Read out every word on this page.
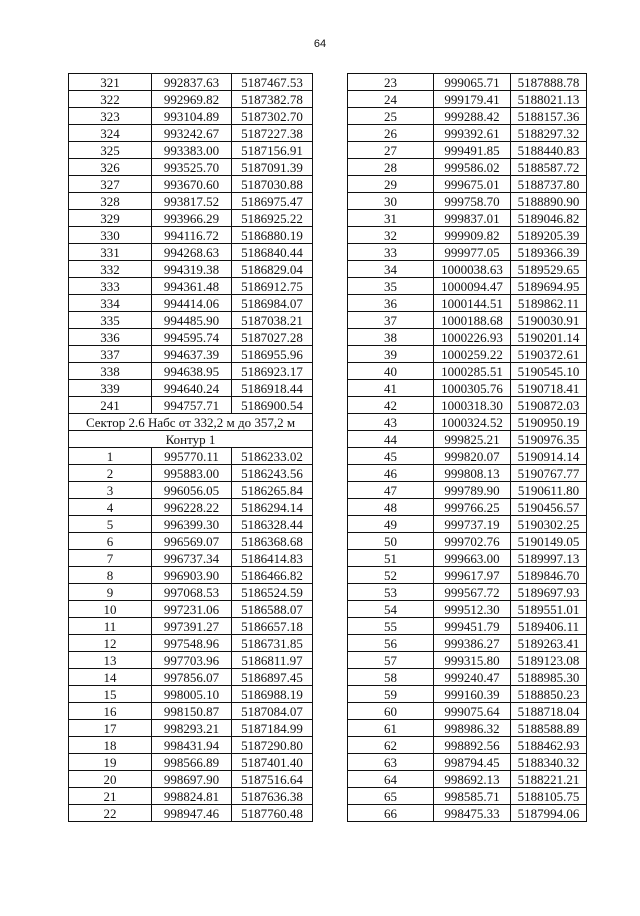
64
321	992837.63	5187467.53
322	992969.82	5187382.78
323	993104.89	5187302.70
324	993242.67	5187227.38
325	993383.00	5187156.91
326	993525.70	5187091.39
327	993670.60	5187030.88
328	993817.52	5186975.47
329	993966.29	5186925.22
330	994116.72	5186880.19
331	994268.63	5186840.44
332	994319.38	5186829.04
333	994361.48	5186912.75
334	994414.06	5186984.07
335	994485.90	5187038.21
336	994595.74	5187027.28
337	994637.39	5186955.96
338	994638.95	5186923.17
339	994640.24	5186918.44
241	994757.71	5186900.54
Сектор 2.6 Набс от 332,2 м до 357,2 м		
Контур 1		
1	995770.11	5186233.02
2	995883.00	5186243.56
3	996056.05	5186265.84
4	996228.22	5186294.14
5	996399.30	5186328.44
6	996569.07	5186368.68
7	996737.34	5186414.83
8	996903.90	5186466.82
9	997068.53	5186524.59
10	997231.06	5186588.07
11	997391.27	5186657.18
12	997548.96	5186731.85
13	997703.96	5186811.97
14	997856.07	5186897.45
15	998005.10	5186988.19
16	998150.87	5187084.07
17	998293.21	5187184.99
18	998431.94	5187290.80
19	998566.89	5187401.40
20	998697.90	5187516.64
21	998824.81	5187636.38
22	998947.46	5187760.48
23	999065.71	5187888.78
24	999179.41	5188021.13
25	999288.42	5188157.36
26	999392.61	5188297.32
27	999491.85	5188440.83
28	999586.02	5188587.72
29	999675.01	5188737.80
30	999758.70	5188890.90
31	999837.01	5189046.82
32	999909.82	5189205.39
33	999977.05	5189366.39
34	1000038.63	5189529.65
35	1000094.47	5189694.95
36	1000144.51	5189862.11
37	1000188.68	5190030.91
38	1000226.93	5190201.14
39	1000259.22	5190372.61
40	1000285.51	5190545.10
41	1000305.76	5190718.41
42	1000318.30	5190872.03
43	1000324.52	5190950.19
44	999825.21	5190976.35
45	999820.07	5190914.14
46	999808.13	5190767.77
47	999789.90	5190611.80
48	999766.25	5190456.57
49	999737.19	5190302.25
50	999702.76	5190149.05
51	999663.00	5189997.13
52	999617.97	5189846.70
53	999567.72	5189697.93
54	999512.30	5189551.01
55	999451.79	5189406.11
56	999386.27	5189263.41
57	999315.80	5189123.08
58	999240.47	5188985.30
59	999160.39	5188850.23
60	999075.64	5188718.04
61	998986.32	5188588.89
62	998892.56	5188462.93
63	998794.45	5188340.32
64	998692.13	5188221.21
65	998585.71	5188105.75
66	998475.33	5187994.06
